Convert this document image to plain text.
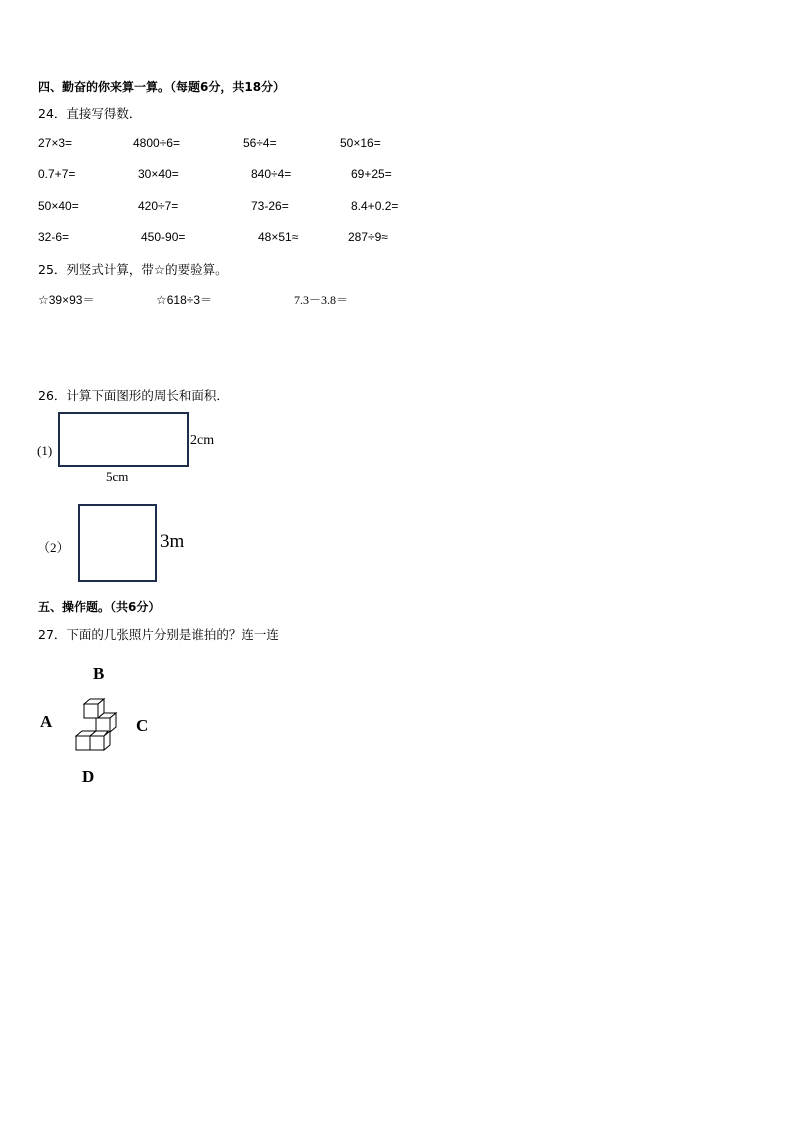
四、勤奋的你来算一算。（每题6分，共18分）
24．直接写得数．
27×3=	4800÷6=	56÷4=	50×16=
0.7+7=	30×40=	840÷4=	69+25=
50×40=	420÷7=	73-26=	8.4+0.2=
32-6=	450-90=	48×51≈	287÷9≈
25．列竖式计算，带☆的要验算。
☆39×93＝	☆618÷3＝	7.3－3.8＝
26．计算下面图形的周长和面积．
(1)
2cm
5cm
（2）	3m
五、操作题。（共6分）
27．下面的几张照片分别是谁拍的？连一连
B
A	C
D
